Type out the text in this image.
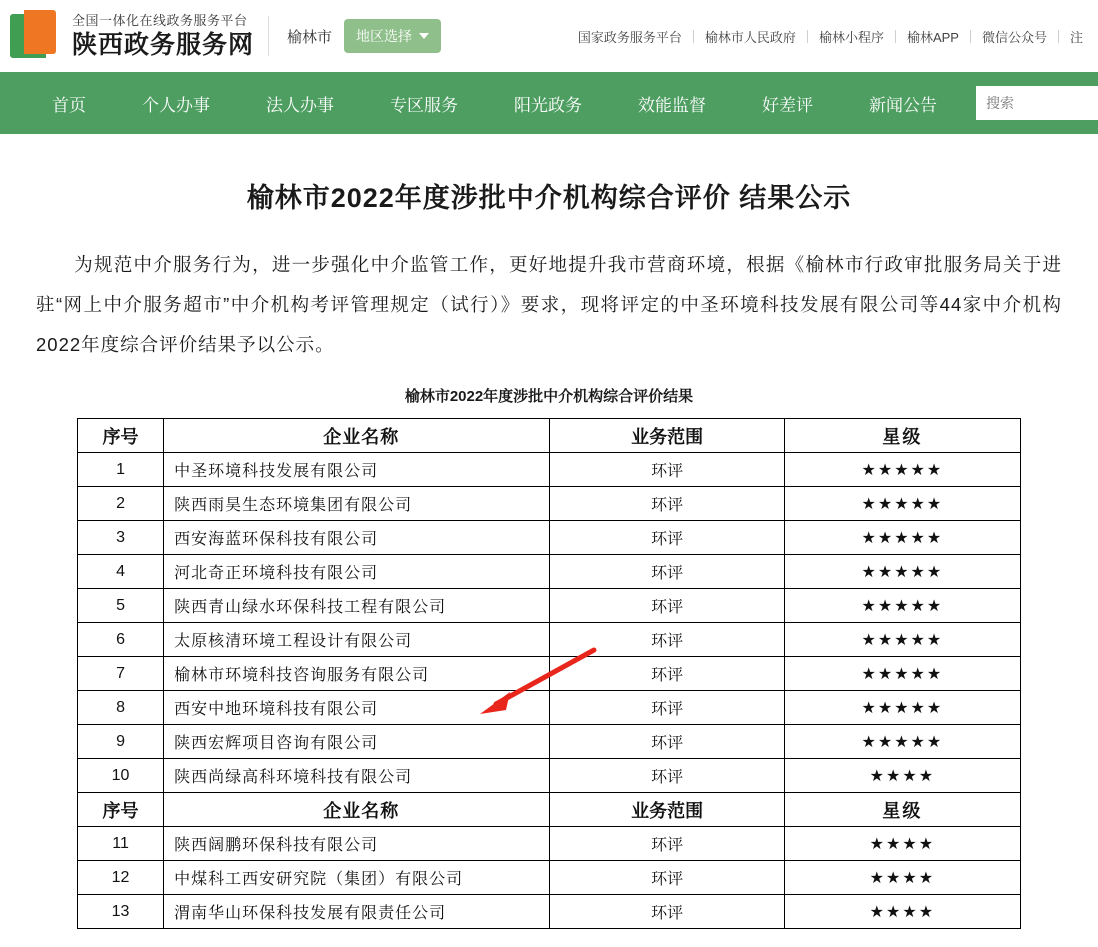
全国一体化在线政务服务平台
陕西政务服务网 榆林市 地区选择	国家政务服务平台	榆林市人民政府	榆林小程序	榆林APP	微信公众号	注
首页	个人办事	法人办事	专区服务	阳光政务	效能监督	好差评	新闻公告
搜索
榆林市2022年度涉批中介机构综合评价 结果公示
为规范中介服务行为，进一步强化中介监管工作，更好地提升我市营商环境，根据《榆林市行政审批服务局关于进驻“网上中介服务超市”中介机构考评管理规定（试行）》要求，现将评定的中圣环境科技发展有限公司等44家中介机构2022年度综合评价结果予以公示。
榆林市2022年度涉批中介机构综合评价结果
序号	企业名称	业务范围	星级
1	中圣环境科技发展有限公司	环评	★★★★★
2	陕西雨昊生态环境集团有限公司	环评	★★★★★
3	西安海蓝环保科技有限公司	环评	★★★★★
4	河北奇正环境科技有限公司	环评	★★★★★
5	陕西青山绿水环保科技工程有限公司	环评	★★★★★
6	太原核清环境工程设计有限公司	环评	★★★★★
7	榆林市环境科技咨询服务有限公司	环评	★★★★★
8	西安中地环境科技有限公司	环评	★★★★★
9	陕西宏辉项目咨询有限公司	环评	★★★★★
10	陕西尚绿高科环境科技有限公司	环评	★★★★
序号	企业名称	业务范围	星级
11	陕西阔鹏环保科技有限公司	环评	★★★★
12	中煤科工西安研究院（集团）有限公司	环评	★★★★
13	渭南华山环保科技发展有限责任公司	环评	★★★★
